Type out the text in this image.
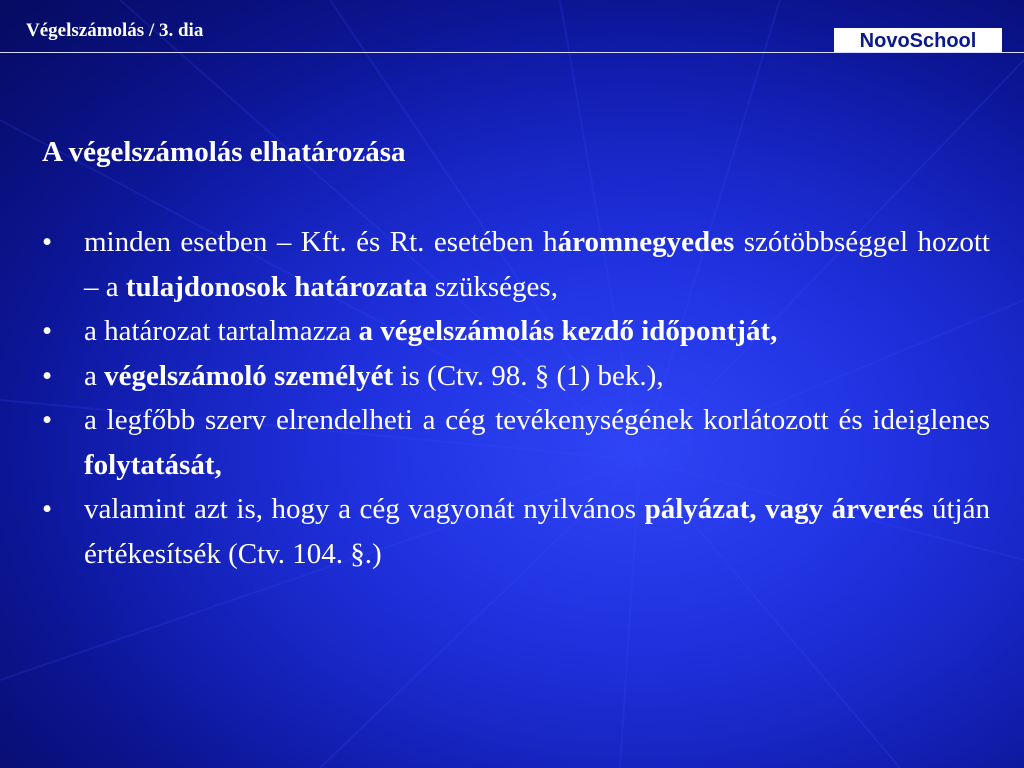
Végelszámolás / 3. dia	NovoSchool
A végelszámolás elhatározása
• minden esetben – Kft. és Rt. esetében háromnegyedes szótöbbséggel hozott – a tulajdonosok határozata szükséges,
• a határozat tartalmazza a végelszámolás kezdő időpontját,
• a végelszámoló személyét is (Ctv. 98. § (1) bek.),
• a legfőbb szerv elrendelheti a cég tevékenységének korlátozott és ideiglenes folytatását,
• valamint azt is, hogy a cég vagyonát nyilvános pályázat, vagy árverés útján értékesítsék (Ctv. 104. §.)
